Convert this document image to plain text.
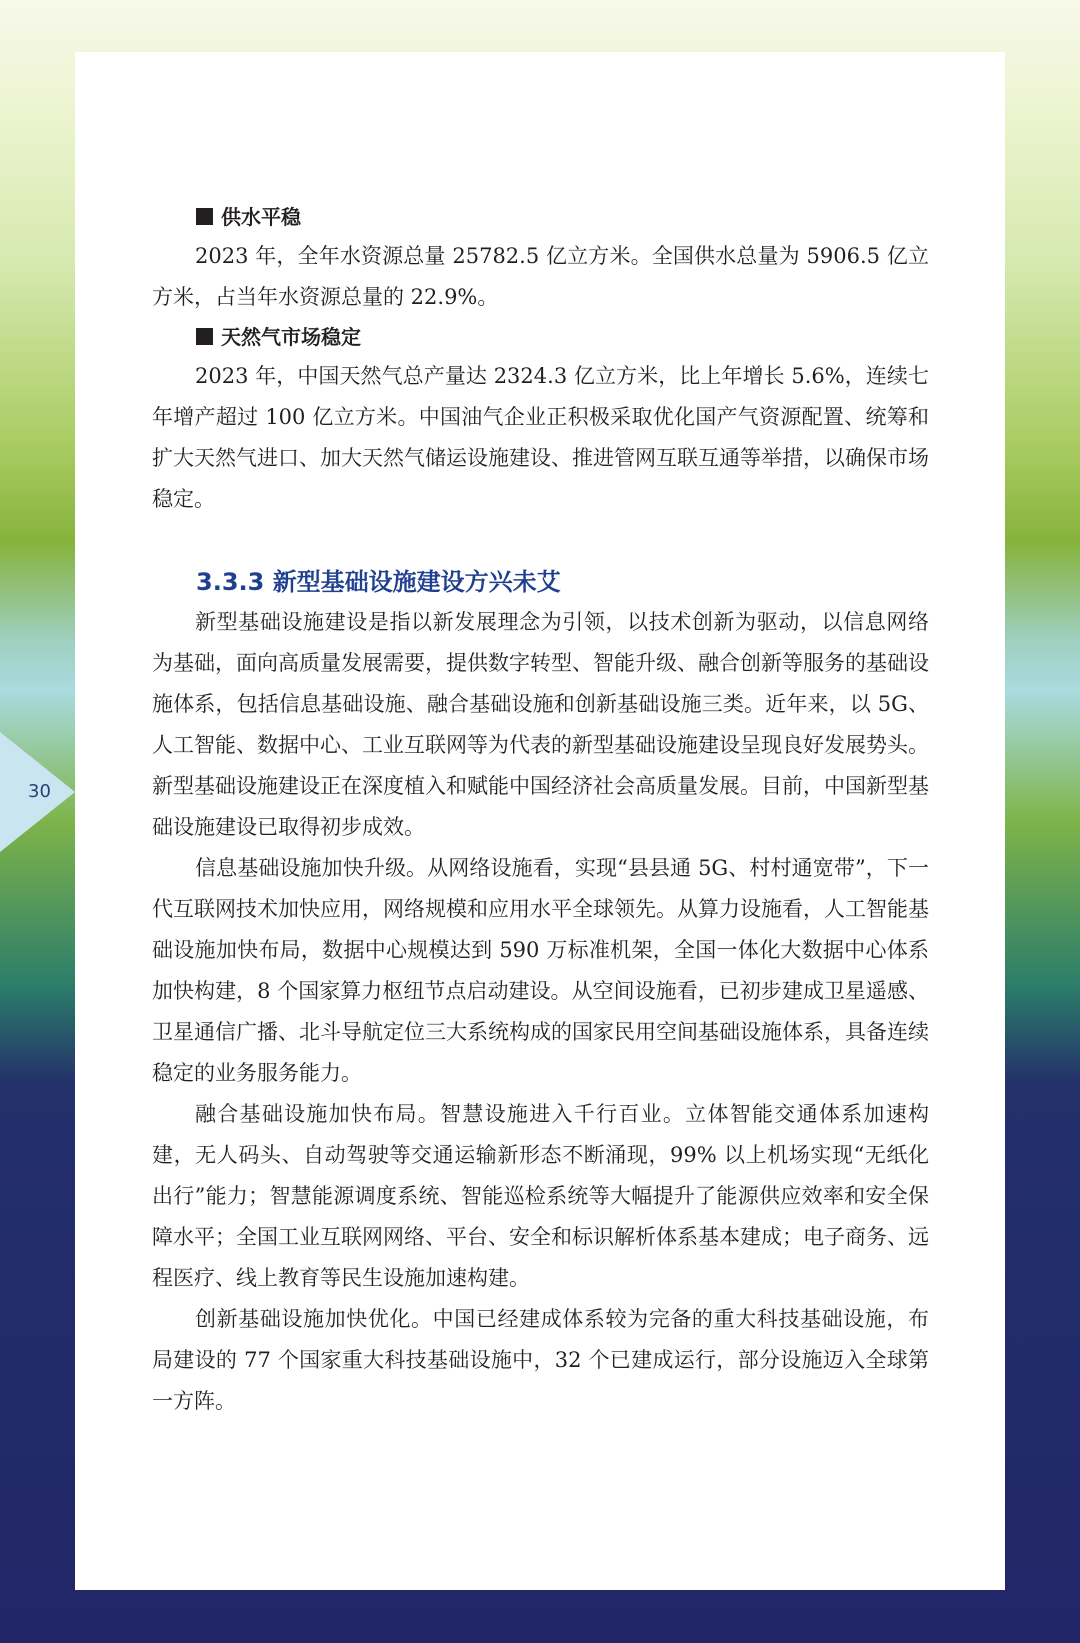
30
供水平稳

2023 年，全年水资源总量 25782.5 亿立方米。全国供水总量为 5906.5 亿立方米，占当年水资源总量的 22.9%。

天然气市场稳定

2023 年，中国天然气总产量达 2324.3 亿立方米，比上年增长 5.6%，连续七年增产超过 100 亿立方米。中国油气企业正积极采取优化国产气资源配置、统筹和扩大天然气进口、加大天然气储运设施建设、推进管网互联互通等举措，以确保市场稳定。

3.3.3 新型基础设施建设方兴未艾

新型基础设施建设是指以新发展理念为引领，以技术创新为驱动，以信息网络为基础，面向高质量发展需要，提供数字转型、智能升级、融合创新等服务的基础设施体系，包括信息基础设施、融合基础设施和创新基础设施三类。近年来，以 5G、人工智能、数据中心、工业互联网等为代表的新型基础设施建设呈现良好发展势头。新型基础设施建设正在深度植入和赋能中国经济社会高质量发展。目前，中国新型基础设施建设已取得初步成效。

信息基础设施加快升级。从网络设施看，实现“县县通 5G、村村通宽带”，下一代互联网技术加快应用，网络规模和应用水平全球领先。从算力设施看，人工智能基础设施加快布局，数据中心规模达到 590 万标准机架，全国一体化大数据中心体系加快构建，8 个国家算力枢纽节点启动建设。从空间设施看，已初步建成卫星遥感、卫星通信广播、北斗导航定位三大系统构成的国家民用空间基础设施体系，具备连续稳定的业务服务能力。

融合基础设施加快布局。智慧设施进入千行百业。立体智能交通体系加速构建，无人码头、自动驾驶等交通运输新形态不断涌现，99% 以上机场实现“无纸化出行”能力；智慧能源调度系统、智能巡检系统等大幅提升了能源供应效率和安全保障水平；全国工业互联网网络、平台、安全和标识解析体系基本建成；电子商务、远程医疗、线上教育等民生设施加速构建。

创新基础设施加快优化。中国已经建成体系较为完备的重大科技基础设施，布局建设的 77 个国家重大科技基础设施中，32 个已建成运行，部分设施迈入全球第一方阵。
